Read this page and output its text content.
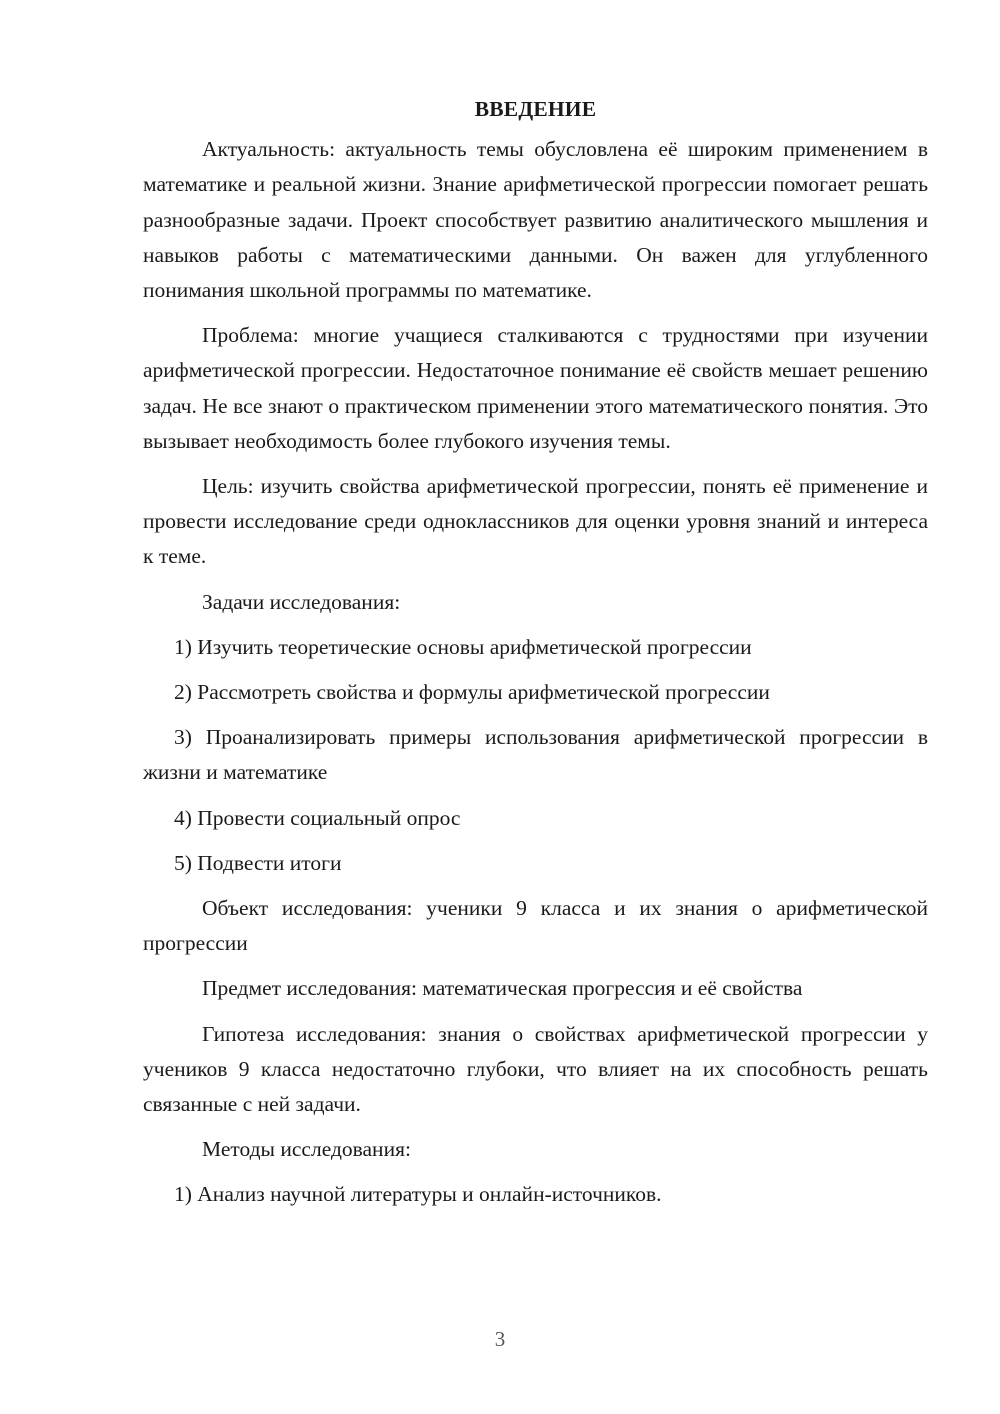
ВВЕДЕНИЕ

Актуальность: актуальность темы обусловлена её широким применением в математике и реальной жизни. Знание арифметической прогрессии помогает решать разнообразные задачи. Проект способствует развитию аналитического мышления и навыков работы с математическими данными. Он важен для углубленного понимания школьной программы по математике.

Проблема: многие учащиеся сталкиваются с трудностями при изучении арифметической прогрессии. Недостаточное понимание её свойств мешает решению задач. Не все знают о практическом применении этого математического понятия. Это вызывает необходимость более глубокого изучения темы.

Цель: изучить свойства арифметической прогрессии, понять её применение и провести исследование среди одноклассников для оценки уровня знаний и интереса к теме.

Задачи исследования:

1) Изучить теоретические основы арифметической прогрессии

2) Рассмотреть свойства и формулы арифметической прогрессии

3) Проанализировать примеры использования арифметической прогрессии в жизни и математике

4) Провести социальный опрос

5) Подвести итоги

Объект исследования: ученики 9 класса и их знания о арифметической прогрессии

Предмет исследования: математическая прогрессия и её свойства

Гипотеза исследования: знания о свойствах арифметической прогрессии у учеников 9 класса недостаточно глубоки, что влияет на их способность решать связанные с ней задачи.

Методы исследования:

1) Анализ научной литературы и онлайн-источников.

3
